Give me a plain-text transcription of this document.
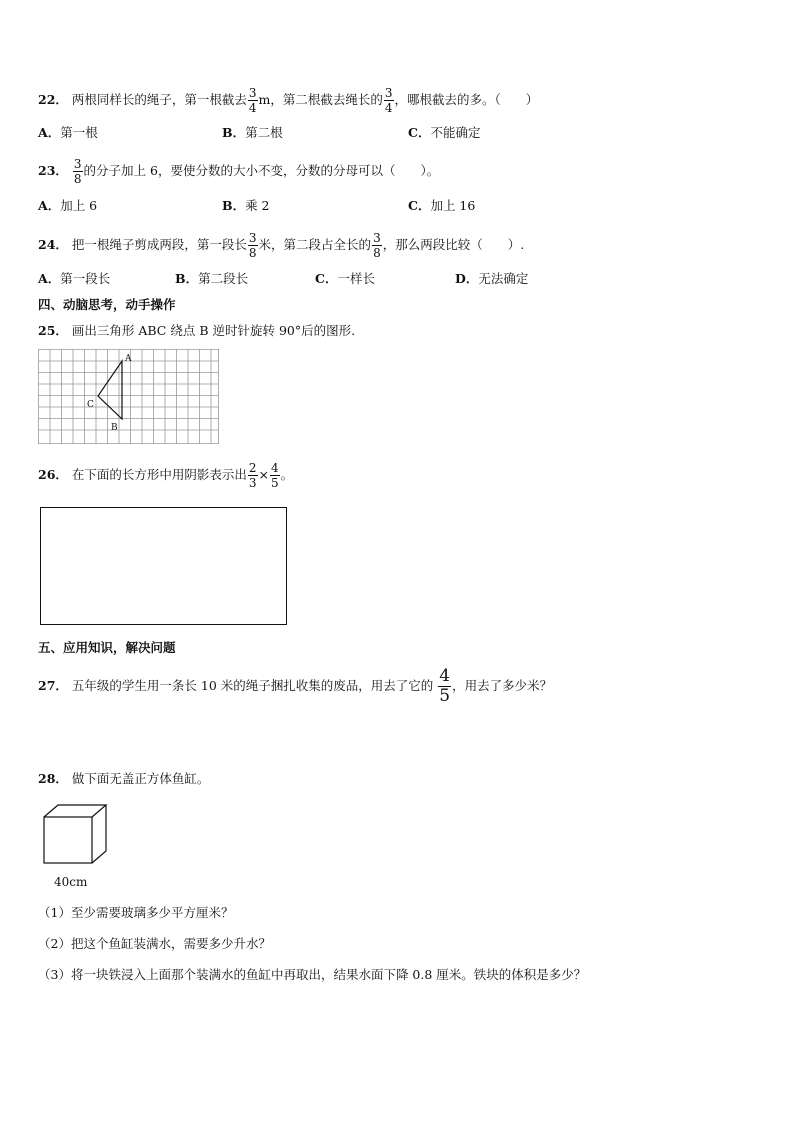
22． 两根同样长的绳子，第一根截去 $\frac{3}{4}$ m，第二根截去绳长的 $\frac{3}{4}$ ，哪根截去的多。（　　）
A．第一根	B．第二根	C．不能确定
23． $\frac{3}{8}$ 的分子加上 6，要使分数的大小不变，分数的分母可以（　　）。
A．加上 6	B．乘 2	C．加上 16
24． 把一根绳子剪成两段，第一段长 $\frac{3}{8}$ 米，第二段占全长的 $\frac{3}{8}$ ，那么两段比较（　　）.
A．第一段长	B．第二段长	C．一样长	D．无法确定
四、动脑思考，动手操作
25． 画出三角形 ABC 绕点 B 逆时针旋转 90°后的图形.
A
B
C
26． 在下面的长方形中用阴影表示出 $\frac{2}{3} \times \frac{4}{5}$ 。
五、应用知识，解决问题
27． 五年级的学生用一条长 10 米的绳子捆扎收集的废品，用去了它的 $\frac{4}{5}$ ，用去了多少米？
28． 做下面无盖正方体鱼缸。
40cm
（1）至少需要玻璃多少平方厘米？
（2）把这个鱼缸装满水，需要多少升水？
（3）将一块铁浸入上面那个装满水的鱼缸中再取出，结果水面下降 0.8 厘米。铁块的体积是多少？
